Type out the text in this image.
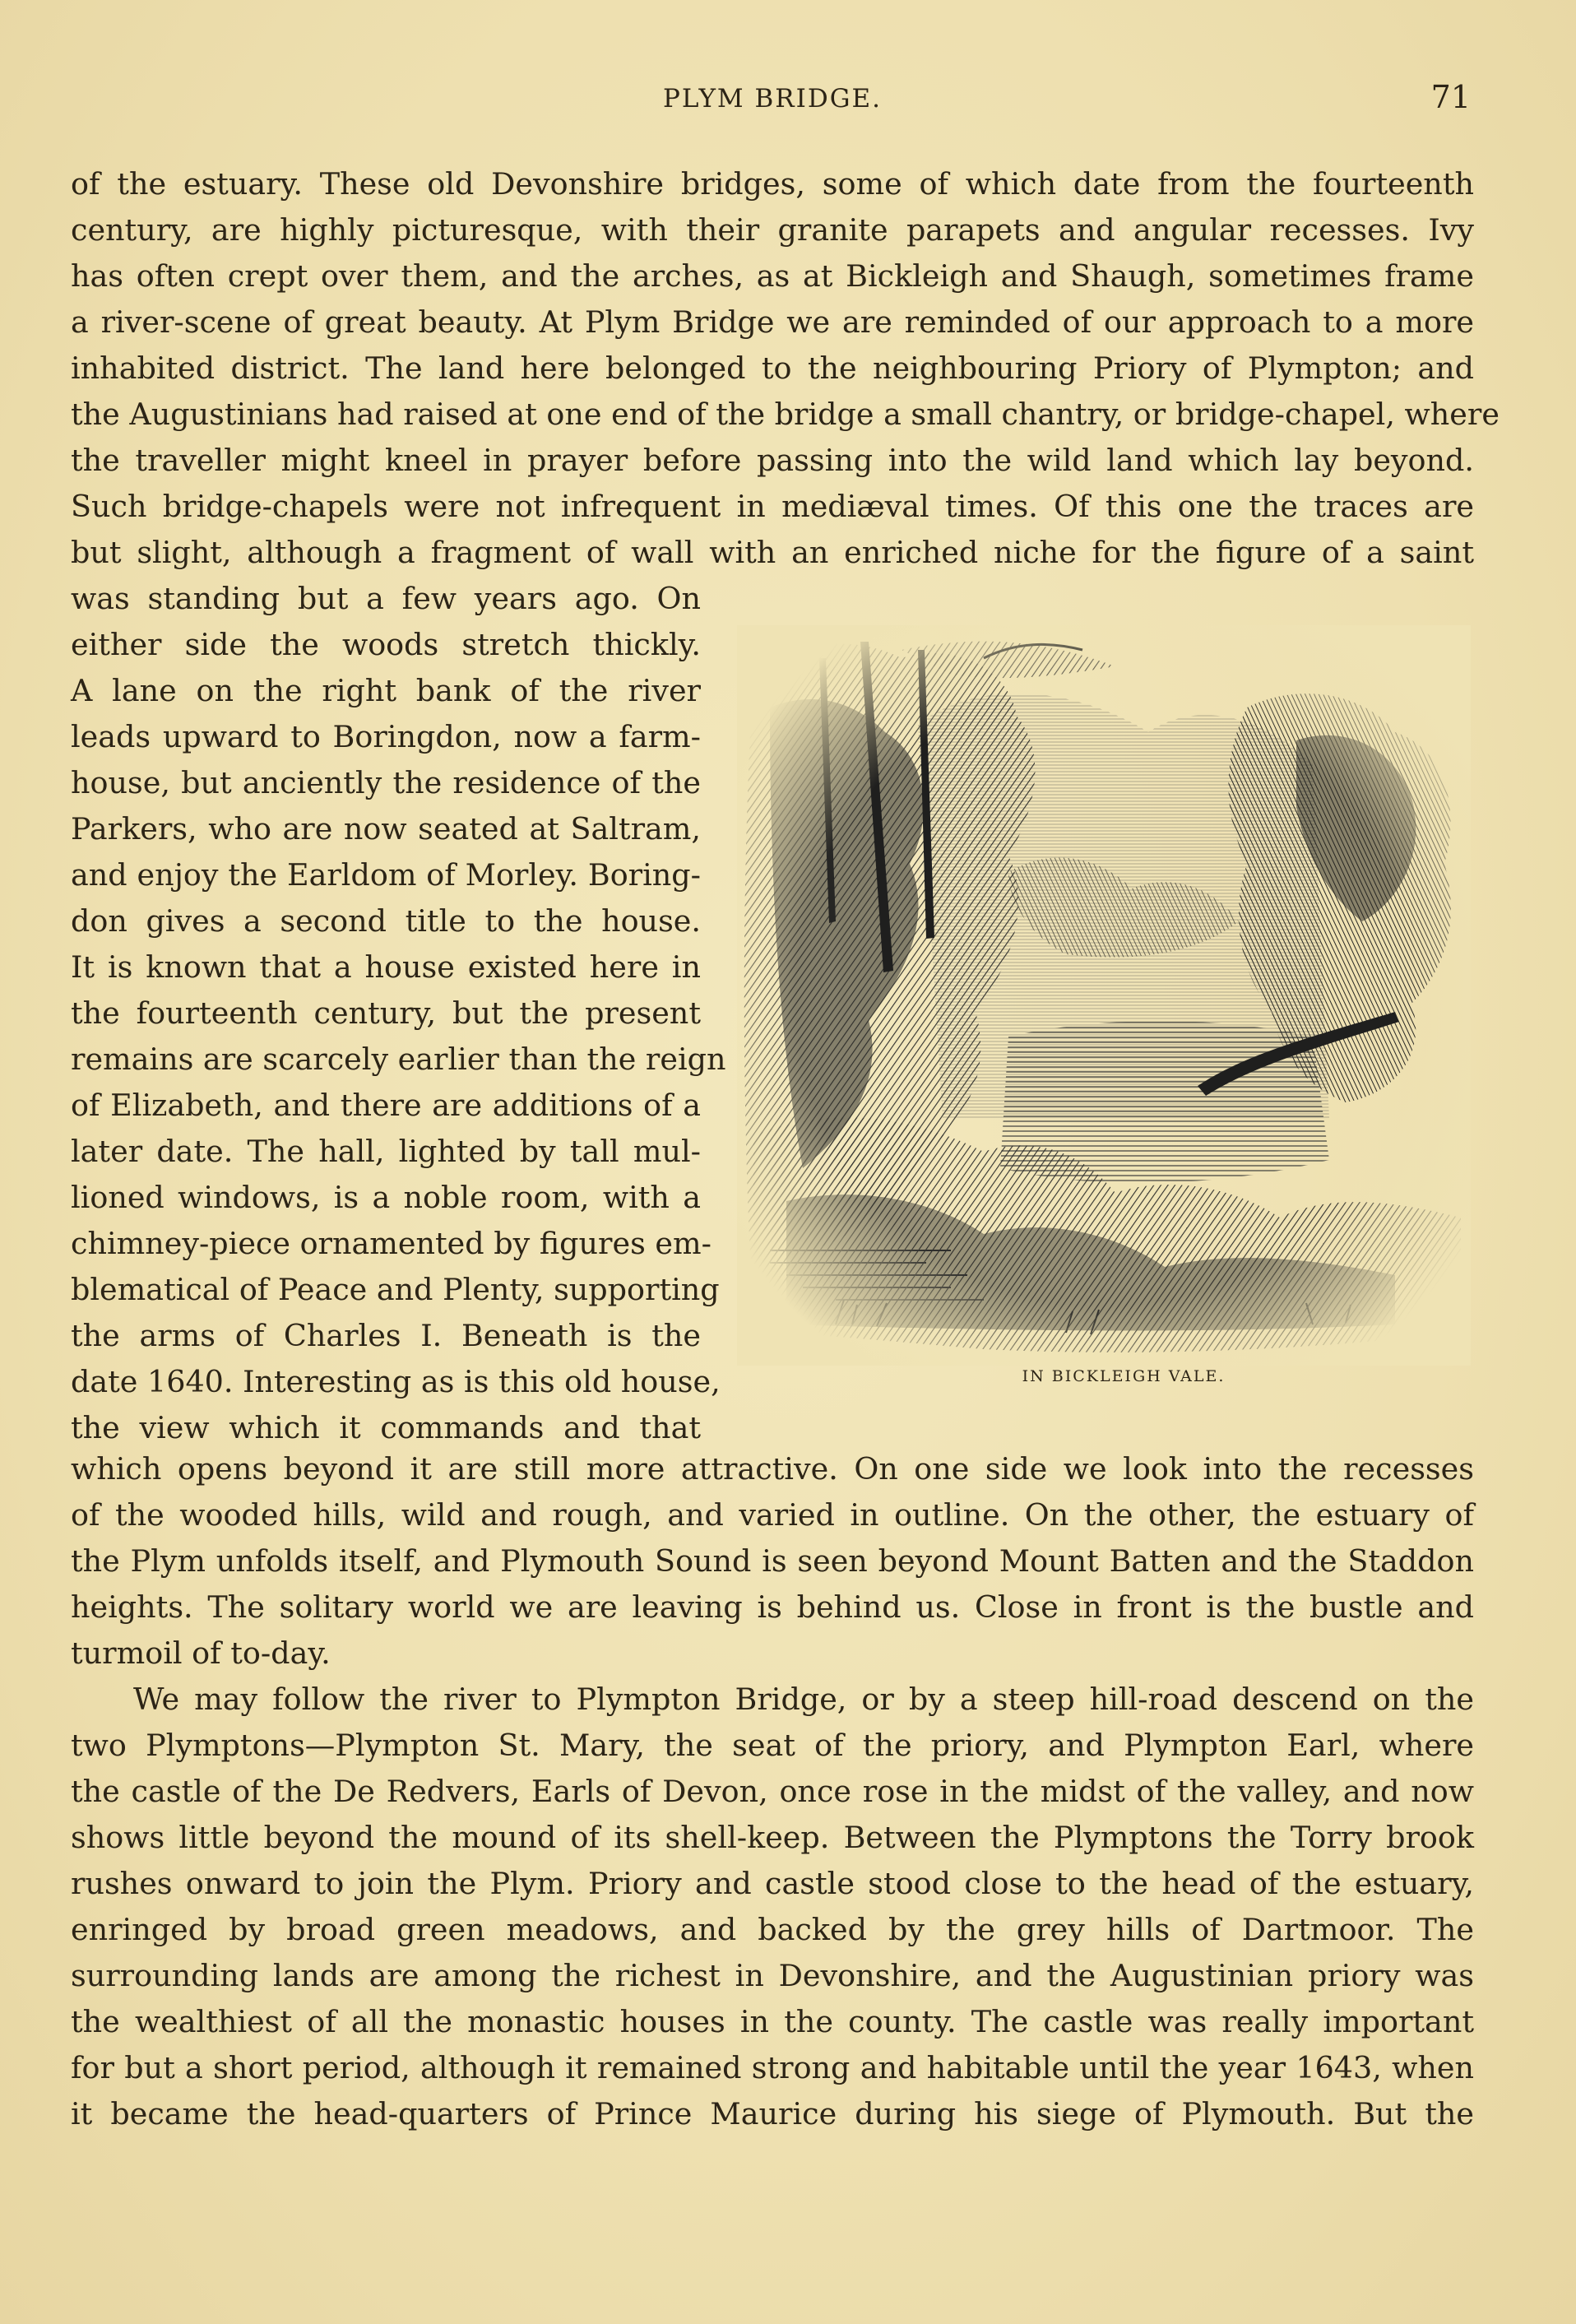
PLYM BRIDGE.	71
of the estuary. These old Devonshire bridges, some of which date from the fourteenth
century, are highly picturesque, with their granite parapets and angular recesses. Ivy
has often crept over them, and the arches, as at Bickleigh and Shaugh, sometimes frame
a river-scene of great beauty. At Plym Bridge we are reminded of our approach to a more
inhabited district. The land here belonged to the neighbouring Priory of Plympton; and
the Augustinians had raised at one end of the bridge a small chantry, or bridge-chapel, where
the traveller might kneel in prayer before passing into the wild land which lay beyond.
Such bridge-chapels were not infrequent in mediæval times. Of this one the traces are
but slight, although a fragment of wall with an enriched niche for the figure of a saint
was standing but a few years ago. On
either side the woods stretch thickly.
A lane on the right bank of the river
leads upward to Boringdon, now a farm-
house, but anciently the residence of the
Parkers, who are now seated at Saltram,
and enjoy the Earldom of Morley. Boring-
don gives a second title to the house.
It is known that a house existed here in
the fourteenth century, but the present
remains are scarcely earlier than the reign
of Elizabeth, and there are additions of a
later date. The hall, lighted by tall mul-
lioned windows, is a noble room, with a
chimney-piece ornamented by figures em-
blematical of Peace and Plenty, supporting
the arms of Charles I. Beneath is the
date 1640. Interesting as is this old house,
the view which it commands and that
IN BICKLEIGH VALE.
which opens beyond it are still more attractive. On one side we look into the recesses
of the wooded hills, wild and rough, and varied in outline. On the other, the estuary of
the Plym unfolds itself, and Plymouth Sound is seen beyond Mount Batten and the Staddon
heights. The solitary world we are leaving is behind us. Close in front is the bustle and
turmoil of to-day.
We may follow the river to Plympton Bridge, or by a steep hill-road descend on the
two Plymptons—Plympton St. Mary, the seat of the priory, and Plympton Earl, where
the castle of the De Redvers, Earls of Devon, once rose in the midst of the valley, and now
shows little beyond the mound of its shell-keep. Between the Plymptons the Torry brook
rushes onward to join the Plym. Priory and castle stood close to the head of the estuary,
enringed by broad green meadows, and backed by the grey hills of Dartmoor. The
surrounding lands are among the richest in Devonshire, and the Augustinian priory was
the wealthiest of all the monastic houses in the county. The castle was really important
for but a short period, although it remained strong and habitable until the year 1643, when
it became the head-quarters of Prince Maurice during his siege of Plymouth. But the
